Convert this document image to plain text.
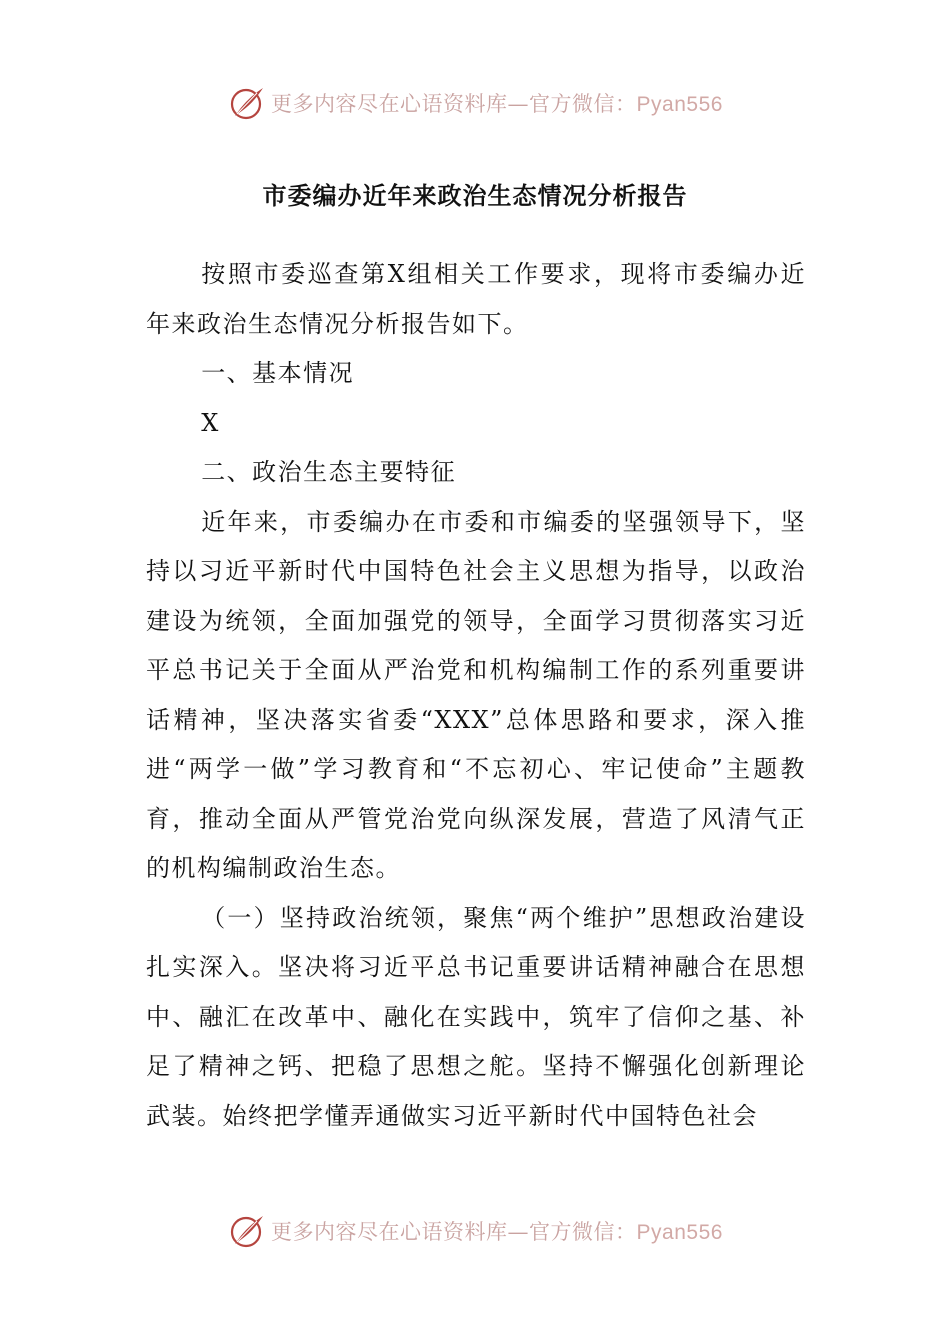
更多内容尽在心语资料库—官方微信：Pyan556
市委编办近年来政治生态情况分析报告

按照市委巡查第X组相关工作要求，现将市委编办近年来政治生态情况分析报告如下。

一、基本情况

X

二、政治生态主要特征

近年来，市委编办在市委和市编委的坚强领导下，坚持以习近平新时代中国特色社会主义思想为指导，以政治建设为统领，全面加强党的领导，全面学习贯彻落实习近平总书记关于全面从严治党和机构编制工作的系列重要讲话精神，坚决落实省委“XXX”总体思路和要求，深入推进“两学一做”学习教育和“不忘初心、牢记使命”主题教育，推动全面从严管党治党向纵深发展，营造了风清气正的机构编制政治生态。

（一）坚持政治统领，聚焦“两个维护”思想政治建设扎实深入。坚决将习近平总书记重要讲话精神融合在思想中、融汇在改革中、融化在实践中，筑牢了信仰之基、补足了精神之钙、把稳了思想之舵。坚持不懈强化创新理论武装。始终把学懂弄通做实习近平新时代中国特色社会

更多内容尽在心语资料库—官方微信：Pyan556
